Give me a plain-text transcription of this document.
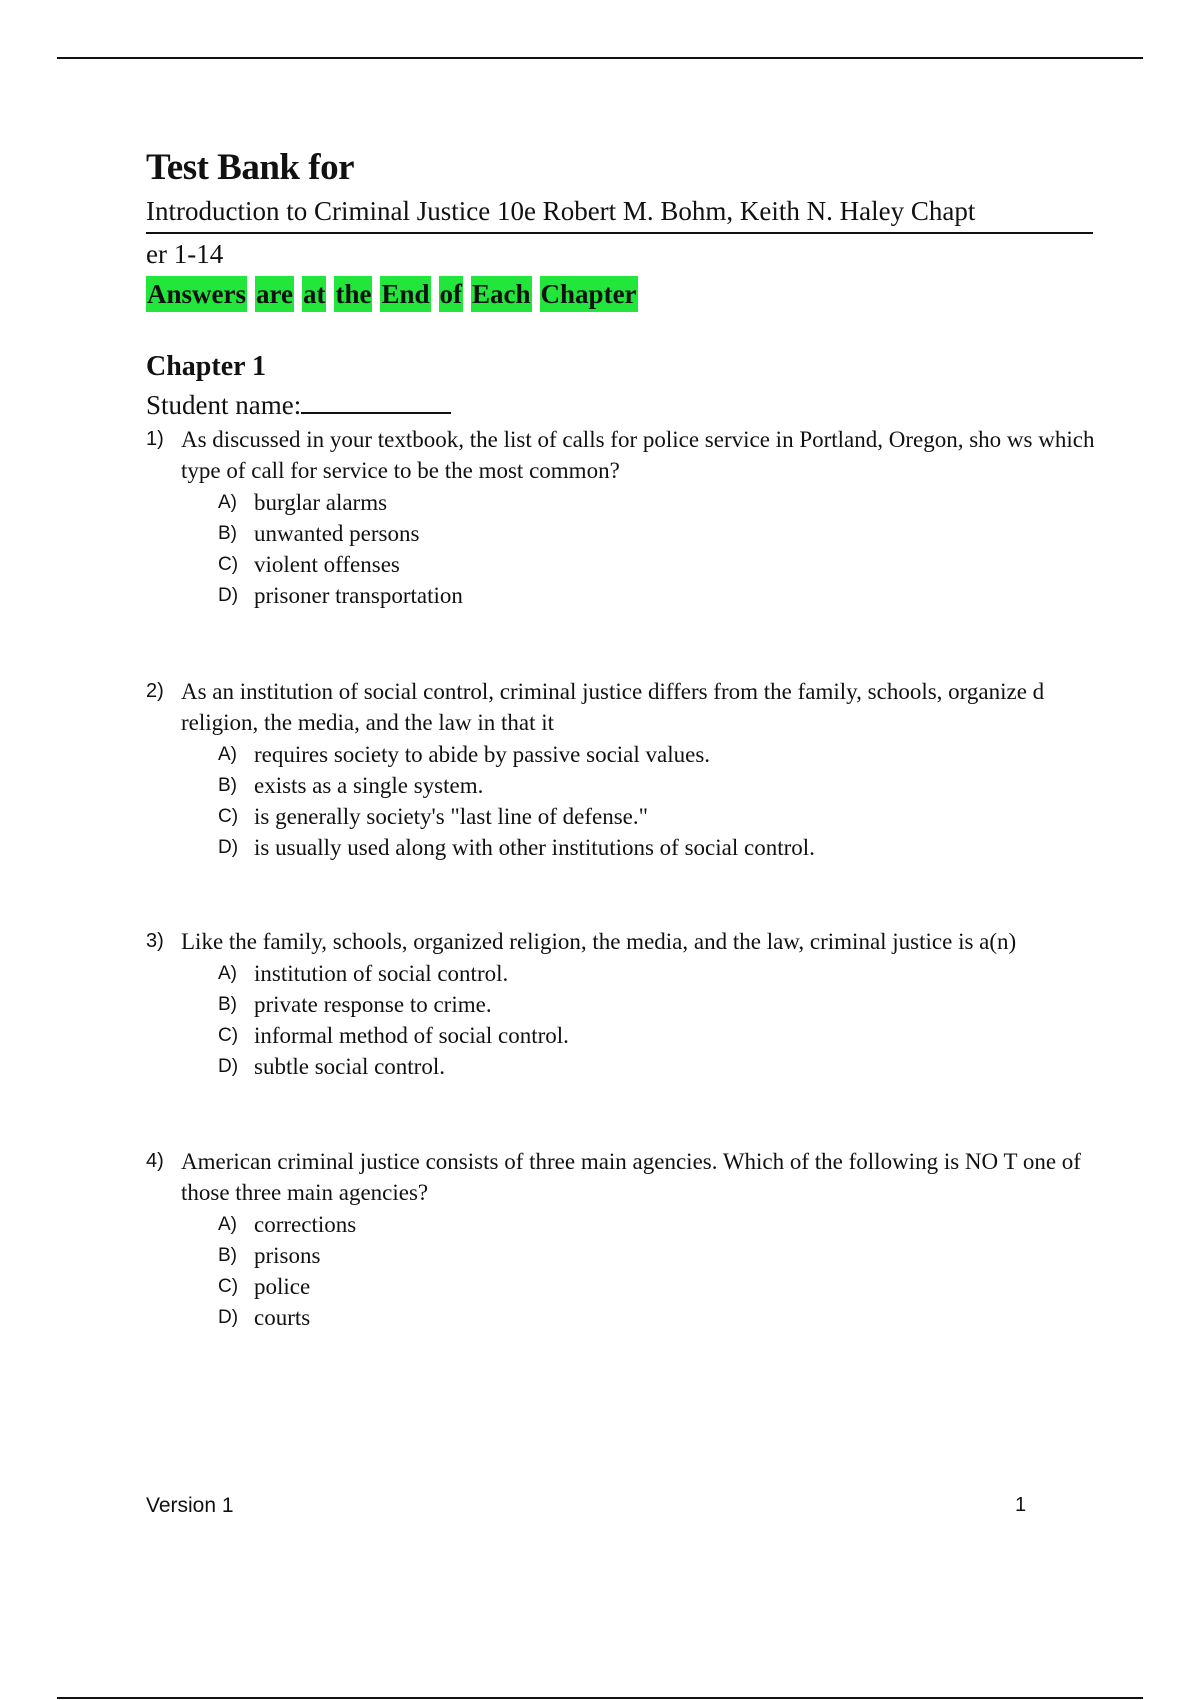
Test Bank for
Introduction to Criminal Justice 10e Robert M. Bohm, Keith N. Haley Chapt
er 1-14
Answers are at the End of Each Chapter
Chapter 1
Student name:
1) As discussed in your textbook, the list of calls for police service in Portland, Oregon, sho ws which type of call for service to be the most common?
A) burglar alarms
B) unwanted persons
C) violent offenses
D) prisoner transportation
2) As an institution of social control, criminal justice differs from the family, schools, organize d religion, the media, and the law in that it
A) requires society to abide by passive social values.
B) exists as a single system.
C) is generally society's "last line of defense."
D) is usually used along with other institutions of social control.
3) Like the family, schools, organized religion, the media, and the law, criminal justice is a(n)
A) institution of social control.
B) private response to crime.
C) informal method of social control.
D) subtle social control.
4) American criminal justice consists of three main agencies. Which of the following is NO T one of those three main agencies?
A) corrections
B) prisons
C) police
D) courts
Version 1	1
